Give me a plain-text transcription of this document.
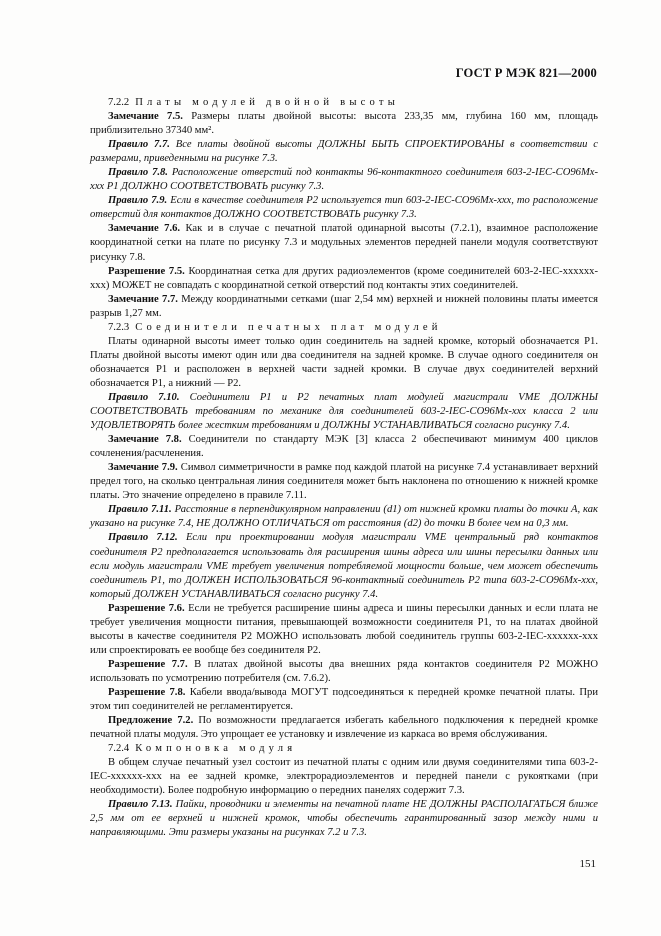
ГОСТ Р МЭК 821—2000

7.2.2 Платы модулей двойной высоты

Замечание 7.5. Размеры платы двойной высоты: высота 233,35 мм, глубина 160 мм, площадь приблизительно 37340 мм².

Правило 7.7. Все платы двойной высоты ДОЛЖНЫ БЫТЬ СПРОЕКТИРОВАНЫ в соответствии с размерами, приведенными на рисунке 7.3.

Правило 7.8. Расположение отверстий под контакты 96-контактного соединителя 603-2-IEC-CO96Mx-xxx P1 ДОЛЖНО СООТВЕТСТВОВАТЬ рисунку 7.3.

Правило 7.9. Если в качестве соединителя P2 используется тип 603-2-IEC-CO96Mx-xxx, то расположение отверстий для контактов ДОЛЖНО СООТВЕТСТВОВАТЬ рисунку 7.3.

Замечание 7.6. Как и в случае с печатной платой одинарной высоты (7.2.1), взаимное расположение координатной сетки на плате по рисунку 7.3 и модульных элементов передней панели модуля соответствуют рисунку 7.8.

Разрешение 7.5. Координатная сетка для других радиоэлементов (кроме соединителей 603-2-IEC-xxxxxx-xxx) МОЖЕТ не совпадать с координатной сеткой отверстий под контакты этих соединителей.

Замечание 7.7. Между координатными сетками (шаг 2,54 мм) верхней и нижней половины платы имеется разрыв 1,27 мм.

7.2.3 Соединители печатных плат модулей

Платы одинарной высоты имеет только один соединитель на задней кромке, который обозначается P1. Платы двойной высоты имеют один или два соединителя на задней кромке. В случае одного соединителя он обозначается P1 и расположен в верхней части задней кромки. В случае двух соединителей верхний обозначается P1, а нижний — P2.

Правило 7.10. Соединители P1 и P2 печатных плат модулей магистрали VME ДОЛЖНЫ СООТВЕТСТВОВАТЬ требованиям по механике для соединителей 603-2-IEC-CO96Mx-xxx класса 2 или УДОВЛЕТВОРЯТЬ более жестким требованиям и ДОЛЖНЫ УСТАНАВЛИВАТЬСЯ согласно рисунку 7.4.

Замечание 7.8. Соединители по стандарту МЭК [3] класса 2 обеспечивают минимум 400 циклов сочленения/расчленения.

Замечание 7.9. Символ симметричности в рамке под каждой платой на рисунке 7.4 устанавливает верхний предел того, на сколько центральная линия соединителя может быть наклонена по отношению к нижней кромке платы. Это значение определено в правиле 7.11.

Правило 7.11. Расстояние в перпендикулярном направлении (d1) от нижней кромки платы до точки А, как указано на рисунке 7.4, НЕ ДОЛЖНО ОТЛИЧАТЬСЯ от расстояния (d2) до точки В более чем на 0,3 мм.

Правило 7.12. Если при проектировании модуля магистрали VME центральный ряд контактов соединителя P2 предполагается использовать для расширения шины адреса или шины пересылки данных или если модуль магистрали VME требует увеличения потребляемой мощности больше, чем может обеспечить соединитель P1, то ДОЛЖЕН ИСПОЛЬЗОВАТЬСЯ 96-контактный соединитель P2 типа 603-2-CO96Mx-xxx, который ДОЛЖЕН УСТАНАВЛИВАТЬСЯ согласно рисунку 7.4.

Разрешение 7.6. Если не требуется расширение шины адреса и шины пересылки данных и если плата не требует увеличения мощности питания, превышающей возможности соединителя P1, то на платах двойной высоты в качестве соединителя P2 МОЖНО использовать любой соединитель группы 603-2-IEC-xxxxxx-xxx или спроектировать ее вообще без соединителя P2.

Разрешение 7.7. В платах двойной высоты два внешних ряда контактов соединителя P2 МОЖНО использовать по усмотрению потребителя (см. 7.6.2).

Разрешение 7.8. Кабели ввода/вывода МОГУТ подсоединяться к передней кромке печатной платы. При этом тип соединителей не регламентируется.

Предложение 7.2. По возможности предлагается избегать кабельного подключения к передней кромке печатной платы модуля. Это упрощает ее установку и извлечение из каркаса во время обслуживания.

7.2.4 Компоновка модуля

В общем случае печатный узел состоит из печатной платы с одним или двумя соединителями типа 603-2-IEC-xxxxxx-xxx на ее задней кромке, электрорадиоэлементов и передней панели с рукоятками (при необходимости). Более подробную информацию о передних панелях содержит 7.3.

Правило 7.13. Пайки, проводники и элементы на печатной плате НЕ ДОЛЖНЫ РАСПОЛАГАТЬСЯ ближе 2,5 мм от ее верхней и нижней кромок, чтобы обеспечить гарантированный зазор между ними и направляющими. Эти размеры указаны на рисунках 7.2 и 7.3.

151
